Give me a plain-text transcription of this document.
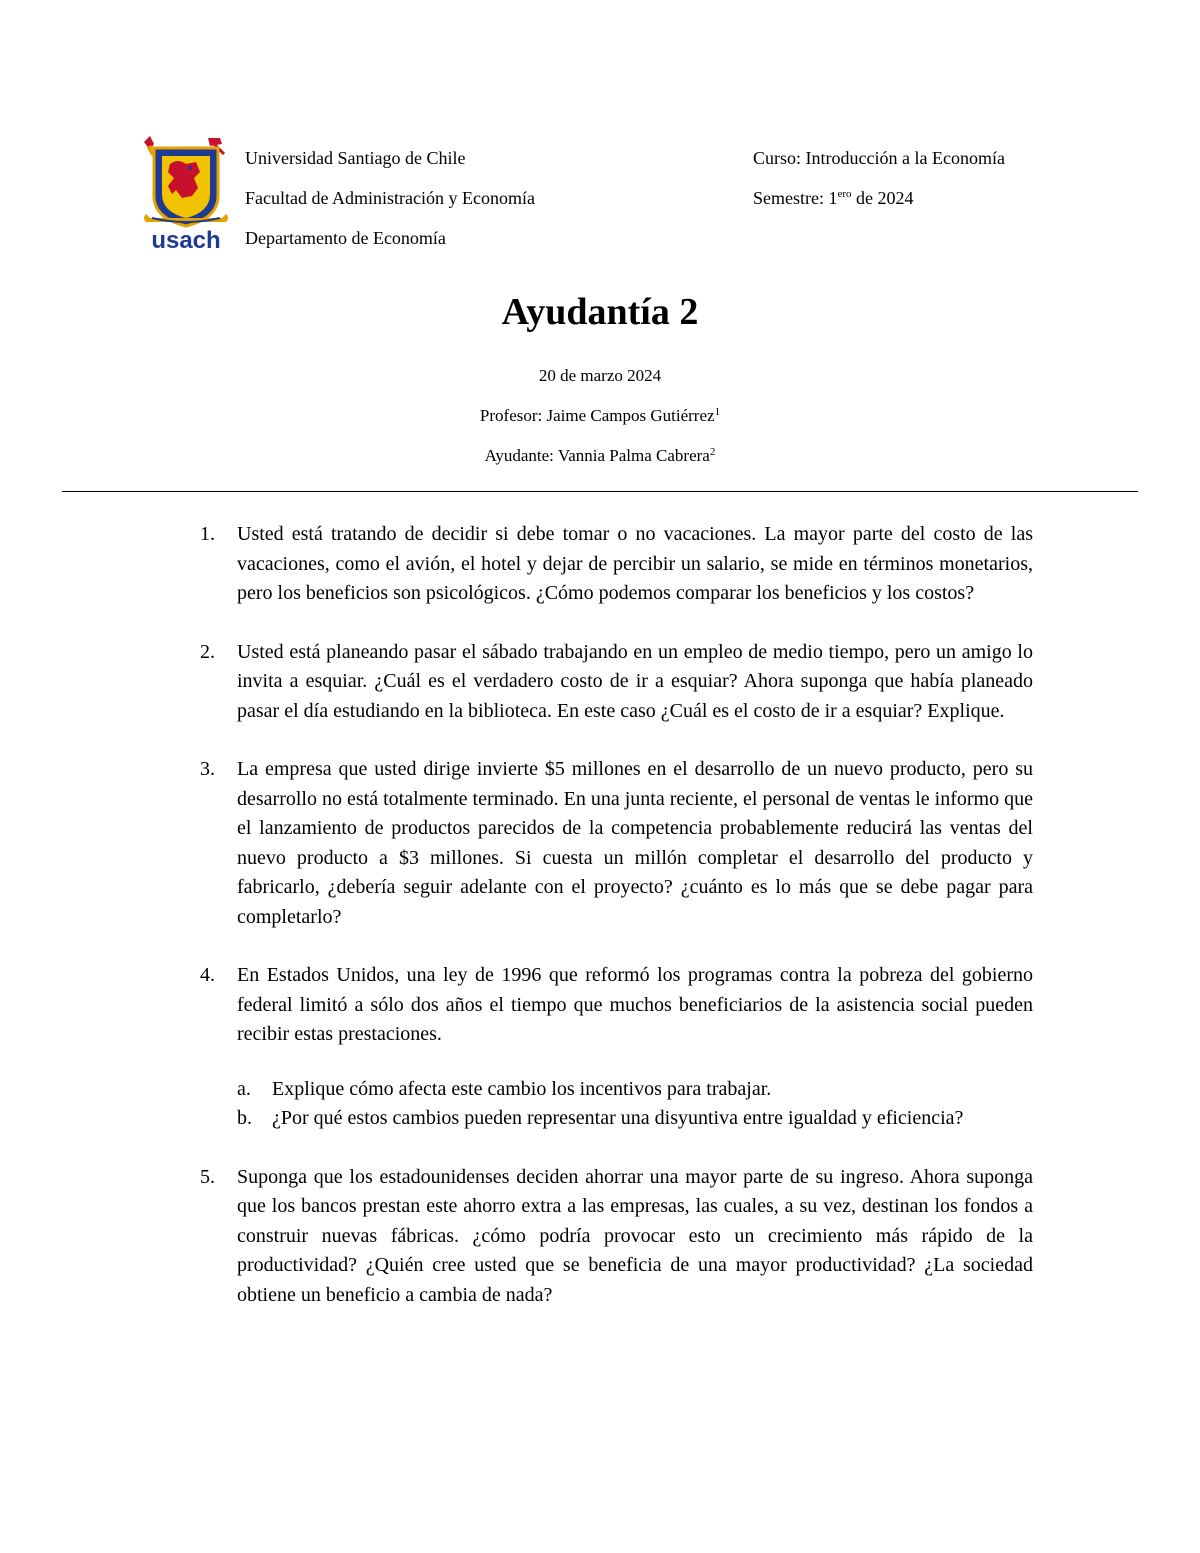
usach
Universidad Santiago de Chile
Facultad de Administración y Economía
Departamento de Economía
Curso: Introducción a la Economía
Semestre: $1^{ero}$ de 2024
Ayudantía 2
20 de marzo 2024
Profesor: Jaime Campos Gutiérrez$^1$
Ayudante: Vannia Palma Cabrera$^2$
1. Usted está tratando de decidir si debe tomar o no vacaciones. La mayor parte del costo de las vacaciones, como el avión, el hotel y dejar de percibir un salario, se mide en términos monetarios, pero los beneficios son psicológicos. ¿Cómo podemos comparar los beneficios y los costos?

2. Usted está planeando pasar el sábado trabajando en un empleo de medio tiempo, pero un amigo lo invita a esquiar. ¿Cuál es el verdadero costo de ir a esquiar? Ahora suponga que había planeado pasar el día estudiando en la biblioteca. En este caso ¿Cuál es el costo de ir a esquiar? Explique.

3. La empresa que usted dirige invierte $5 millones en el desarrollo de un nuevo producto, pero su desarrollo no está totalmente terminado. En una junta reciente, el personal de ventas le informo que el lanzamiento de productos parecidos de la competencia probablemente reducirá las ventas del nuevo producto a $3 millones. Si cuesta un millón completar el desarrollo del producto y fabricarlo, ¿debería seguir adelante con el proyecto? ¿cuánto es lo más que se debe pagar para completarlo?

4. En Estados Unidos, una ley de 1996 que reformó los programas contra la pobreza del gobierno federal limitó a sólo dos años el tiempo que muchos beneficiarios de la asistencia social pueden recibir estas prestaciones.

a. Explique cómo afecta este cambio los incentivos para trabajar.

b. ¿Por qué estos cambios pueden representar una disyuntiva entre igualdad y eficiencia?

5. Suponga que los estadounidenses deciden ahorrar una mayor parte de su ingreso. Ahora suponga que los bancos prestan este ahorro extra a las empresas, las cuales, a su vez, destinan los fondos a construir nuevas fábricas. ¿cómo podría provocar esto un crecimiento más rápido de la productividad? ¿Quién cree usted que se beneficia de una mayor productividad? ¿La sociedad obtiene un beneficio a cambia de nada?
